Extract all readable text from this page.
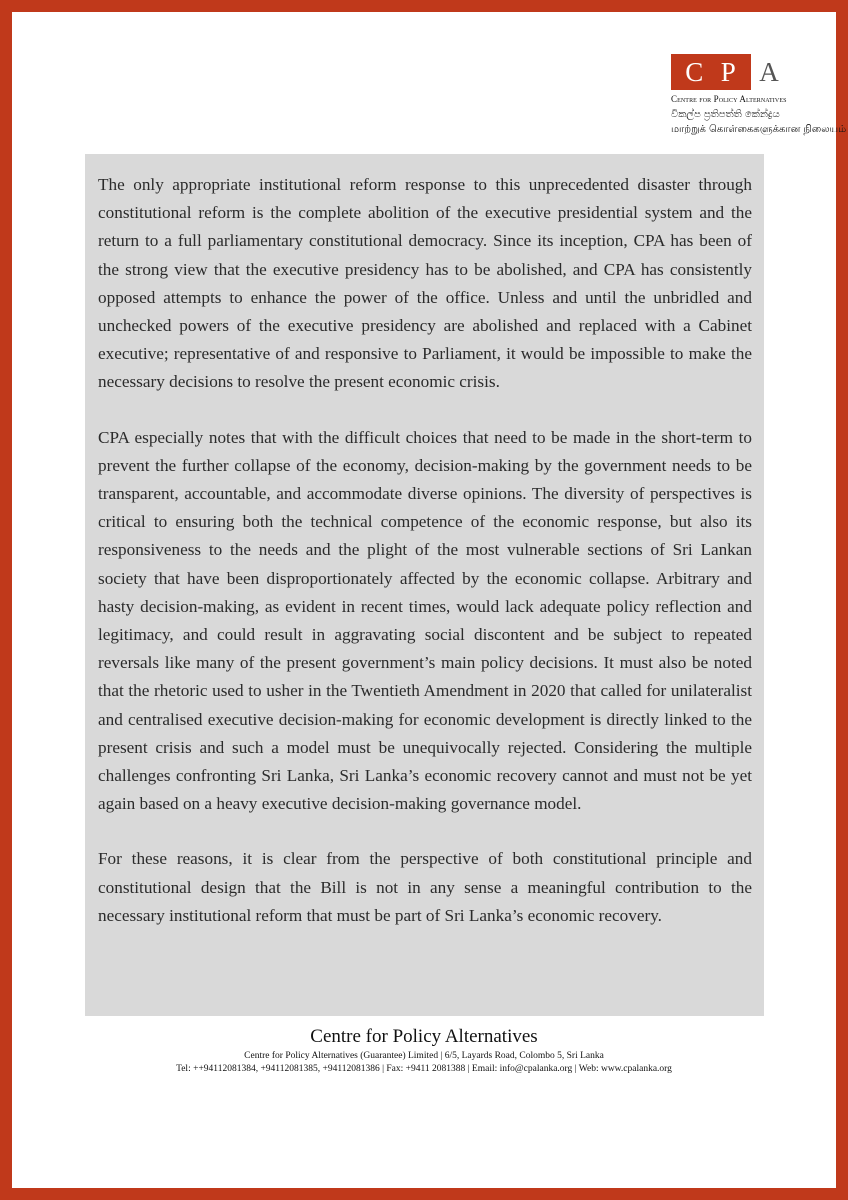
C P A
Centre for Policy Alternatives
විකල්ප ප්‍රතිපත්ති කේන්ද්‍රය
மாற்றுக் கொள்கைகளுக்கான நிலையம்

The only appropriate institutional reform response to this unprecedented disaster through constitutional reform is the complete abolition of the executive presidential system and the return to a full parliamentary constitutional democracy. Since its inception, CPA has been of the strong view that the executive presidency has to be abolished, and CPA has consistently opposed attempts to enhance the power of the office. Unless and until the unbridled and unchecked powers of the executive presidency are abolished and replaced with a Cabinet executive; representative of and responsive to Parliament, it would be impossible to make the necessary decisions to resolve the present economic crisis.

CPA especially notes that with the difficult choices that need to be made in the short-term to prevent the further collapse of the economy, decision-making by the government needs to be transparent, accountable, and accommodate diverse opinions. The diversity of perspectives is critical to ensuring both the technical competence of the economic response, but also its responsiveness to the needs and the plight of the most vulnerable sections of Sri Lankan society that have been disproportionately affected by the economic collapse. Arbitrary and hasty decision-making, as evident in recent times, would lack adequate policy reflection and legitimacy, and could result in aggravating social discontent and be subject to repeated reversals like many of the present government’s main policy decisions. It must also be noted that the rhetoric used to usher in the Twentieth Amendment in 2020 that called for unilateralist and centralised executive decision-making for economic development is directly linked to the present crisis and such a model must be unequivocally rejected. Considering the multiple challenges confronting Sri Lanka, Sri Lanka’s economic recovery cannot and must not be yet again based on a heavy executive decision-making governance model.

For these reasons, it is clear from the perspective of both constitutional principle and constitutional design that the Bill is not in any sense a meaningful contribution to the necessary institutional reform that must be part of Sri Lanka’s economic recovery.

Centre for Policy Alternatives
Centre for Policy Alternatives (Guarantee) Limited | 6/5, Layards Road, Colombo 5, Sri Lanka
Tel: ++94112081384, +94112081385, +94112081386 | Fax: +9411 2081388 | Email: info@cpalanka.org | Web: www.cpalanka.org
